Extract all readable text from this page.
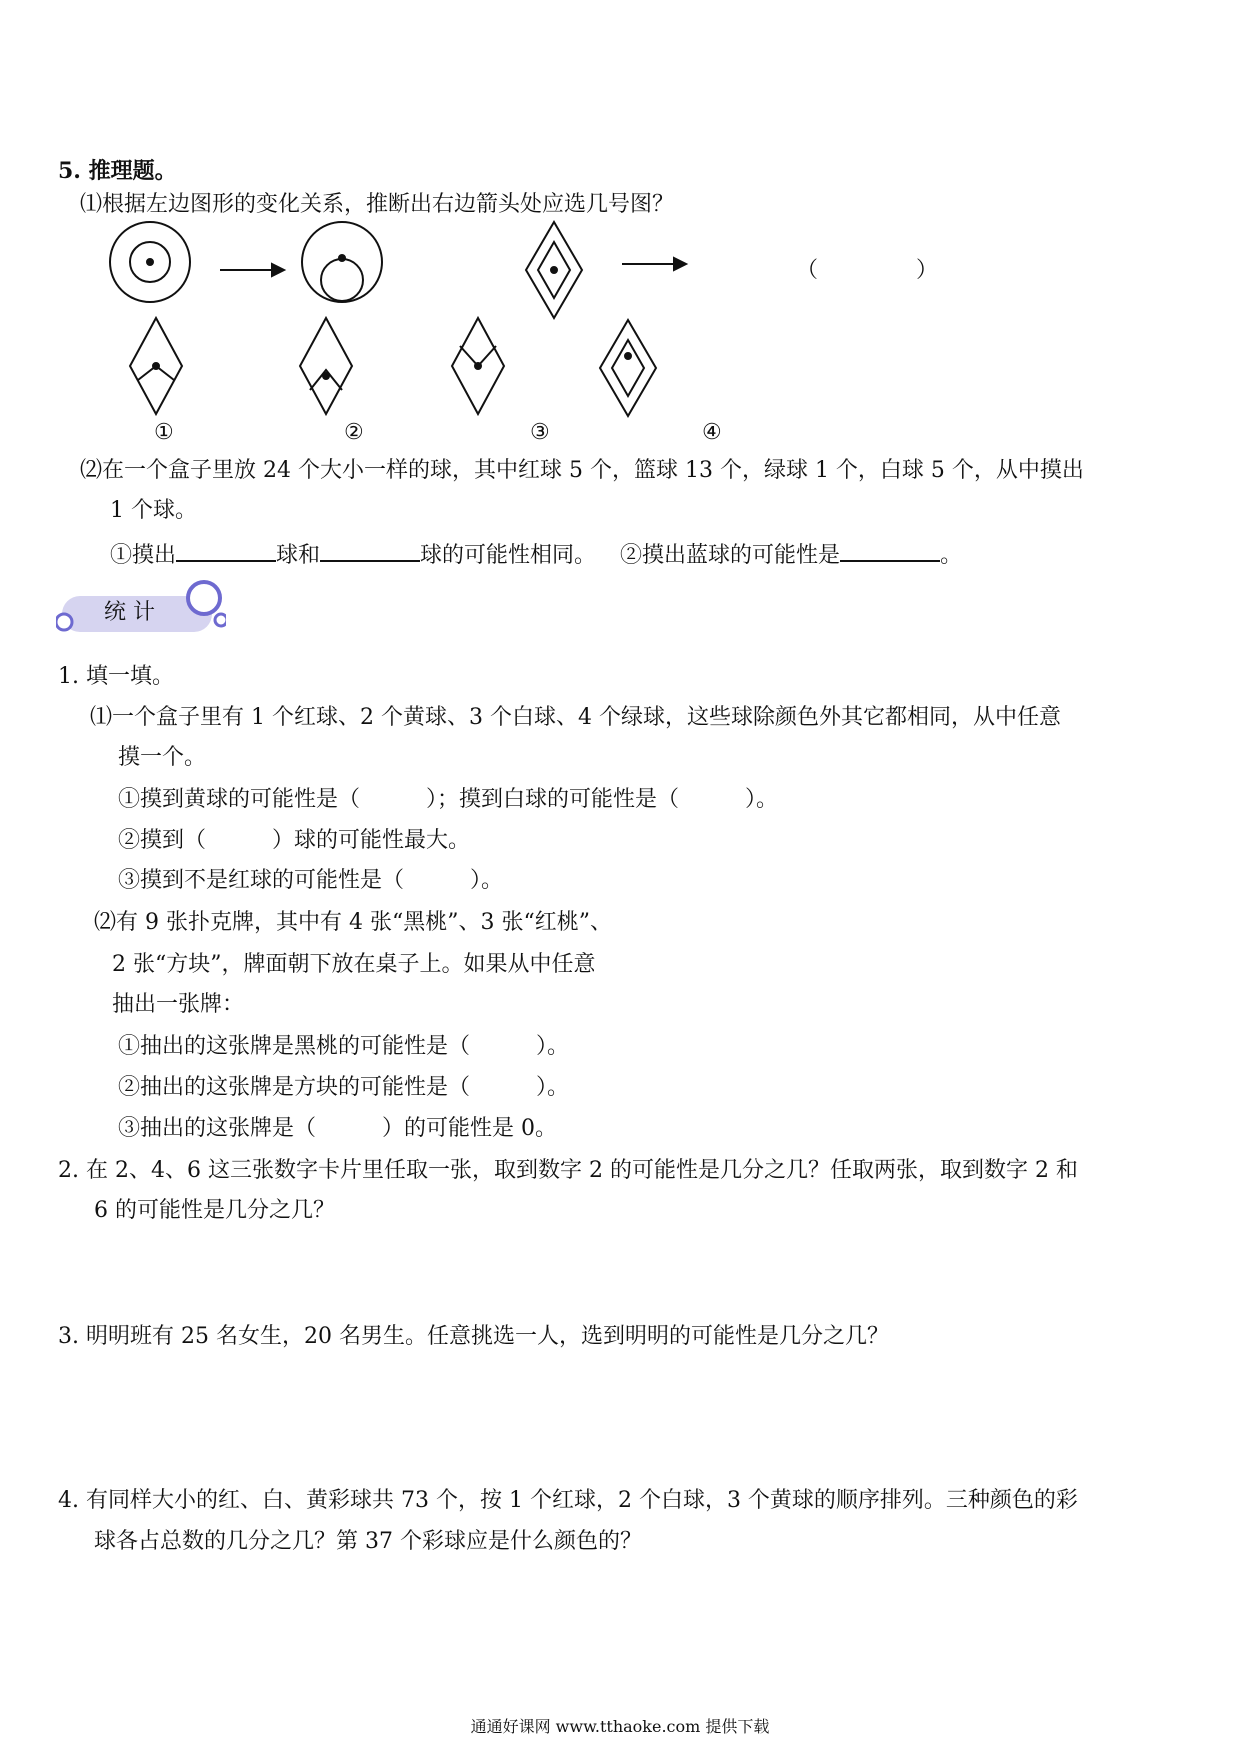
5. 推理题。
⑴根据左边图形的变化关系，推断出右边箭头处应选几号图？
（	）
①	②	③	④
⑵在一个盒子里放 24 个大小一样的球，其中红球 5 个，篮球 13 个，绿球 1 个，白球 5 个，从中摸出
1 个球。
①摸出	球和	球的可能性相同。 ②摸出蓝球的可能性是	。
统 计
1. 填一填。
⑴一个盒子里有 1 个红球、2 个黄球、3 个白球、4 个绿球，这些球除颜色外其它都相同，从中任意
摸一个。
①摸到黄球的可能性是（　　　）；摸到白球的可能性是（　　　）。
②摸到（　　　）球的可能性最大。
③摸到不是红球的可能性是（　　　）。
⑵有 9 张扑克牌，其中有 4 张“黑桃”、3 张“红桃”、
2 张“方块”，牌面朝下放在桌子上。如果从中任意
抽出一张牌：
①抽出的这张牌是黑桃的可能性是（　　　）。
②抽出的这张牌是方块的可能性是（　　　）。
③抽出的这张牌是（　　　）的可能性是 0。
2. 在 2、4、6 这三张数字卡片里任取一张，取到数字 2 的可能性是几分之几？任取两张，取到数字 2 和
6 的可能性是几分之几？
3. 明明班有 25 名女生，20 名男生。任意挑选一人，选到明明的可能性是几分之几？
4. 有同样大小的红、白、黄彩球共 73 个，按 1 个红球，2 个白球，3 个黄球的顺序排列。三种颜色的彩
球各占总数的几分之几？第 37 个彩球应是什么颜色的？
通通好课网 www.tthaoke.com 提供下载
